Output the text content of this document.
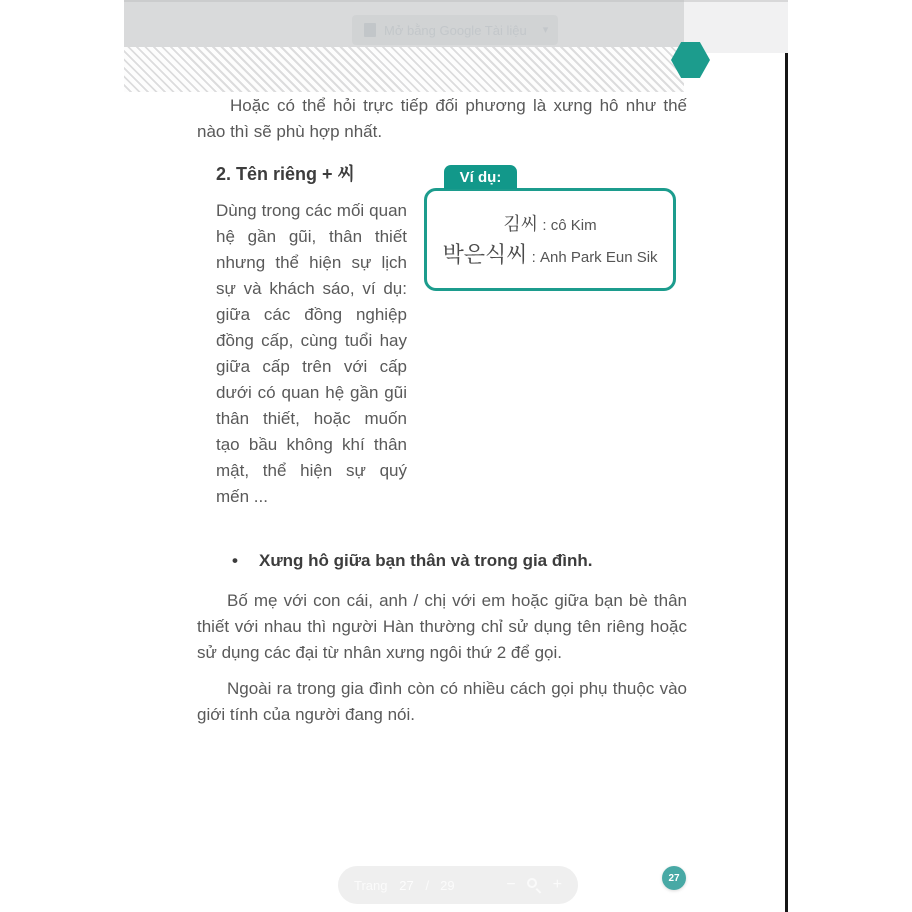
Mở bằng Google Tài liệu ▾

Hoặc có thể hỏi trực tiếp đối phương là xưng hô như thế nào thì sẽ phù hợp nhất.

2. Tên riêng + 씨

Dùng trong các mối quan hệ gần gũi, thân thiết nhưng thể hiện sự lịch sự và khách sáo, ví dụ: giữa các đồng nghiệp đồng cấp, cùng tuổi hay giữa cấp trên với cấp dưới có quan hệ gần gũi thân thiết, hoặc muốn tạo bầu không khí thân mật, thể hiện sự quý mến ...

Ví dụ:
김씨 : cô Kim
박은식씨 : Anh Park Eun Sik
•	Xưng hô giữa bạn thân và trong gia đình.

Bố mẹ với con cái, anh / chị với em hoặc giữa bạn bè thân thiết với nhau thì người Hàn thường chỉ sử dụng tên riêng hoặc sử dụng các đại từ nhân xưng ngôi thứ 2 để gọi.

Ngoài ra trong gia đình còn có nhiều cách gọi phụ thuộc vào giới tính của người đang nói.

Trang 27 / 29	− +	27
